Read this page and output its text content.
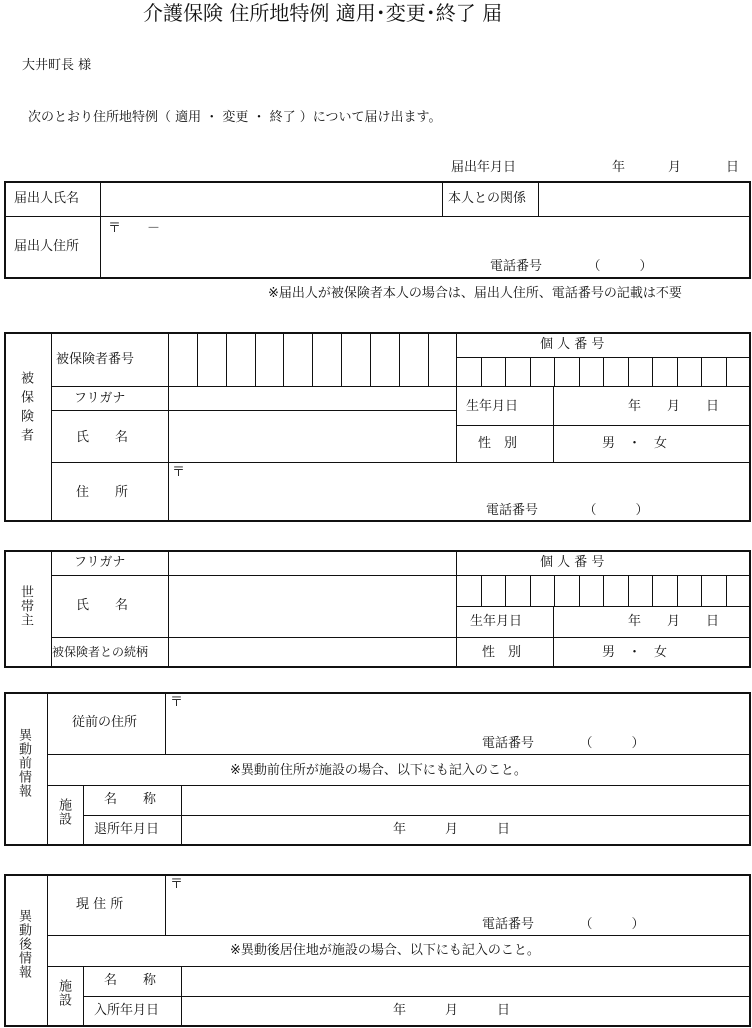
介護保険 住所地特例 適用･変更･終了 届
大井町長 様
次のとおり住所地特例（ 適用 ・ 変更 ・ 終了 ）について届け出ます。
届出年月日	年	月	日
届出人氏名	本人との関係
届出人住所
〒　　－
電話番号　　　　（　　　）
※届出人が被保険者本人の場合は、届出人住所、電話番号の記載は不要
被保険者
被保険者番号
個 人 番 号
フリガナ
生年月日	年　　月　　日
氏　　名	性　別	男　・　女
住　　所
〒
電話番号　　　　（　　　）
世帯主
フリガナ	個 人 番 号
氏　　名
生年月日	年　　月　　日
被保険者との続柄	性　別	男　・　女
異動前情報
従前の住所
〒
電話番号　　　　（　　　）
※異動前住所が施設の場合、以下にも記入のこと。
施設	名　　称
退所年月日	年　　　月　　　日
異動後情報
現 住 所
〒
電話番号　　　　（　　　）
※異動後居住地が施設の場合、以下にも記入のこと。
施設	名　　称
入所年月日	年　　　月　　　日
